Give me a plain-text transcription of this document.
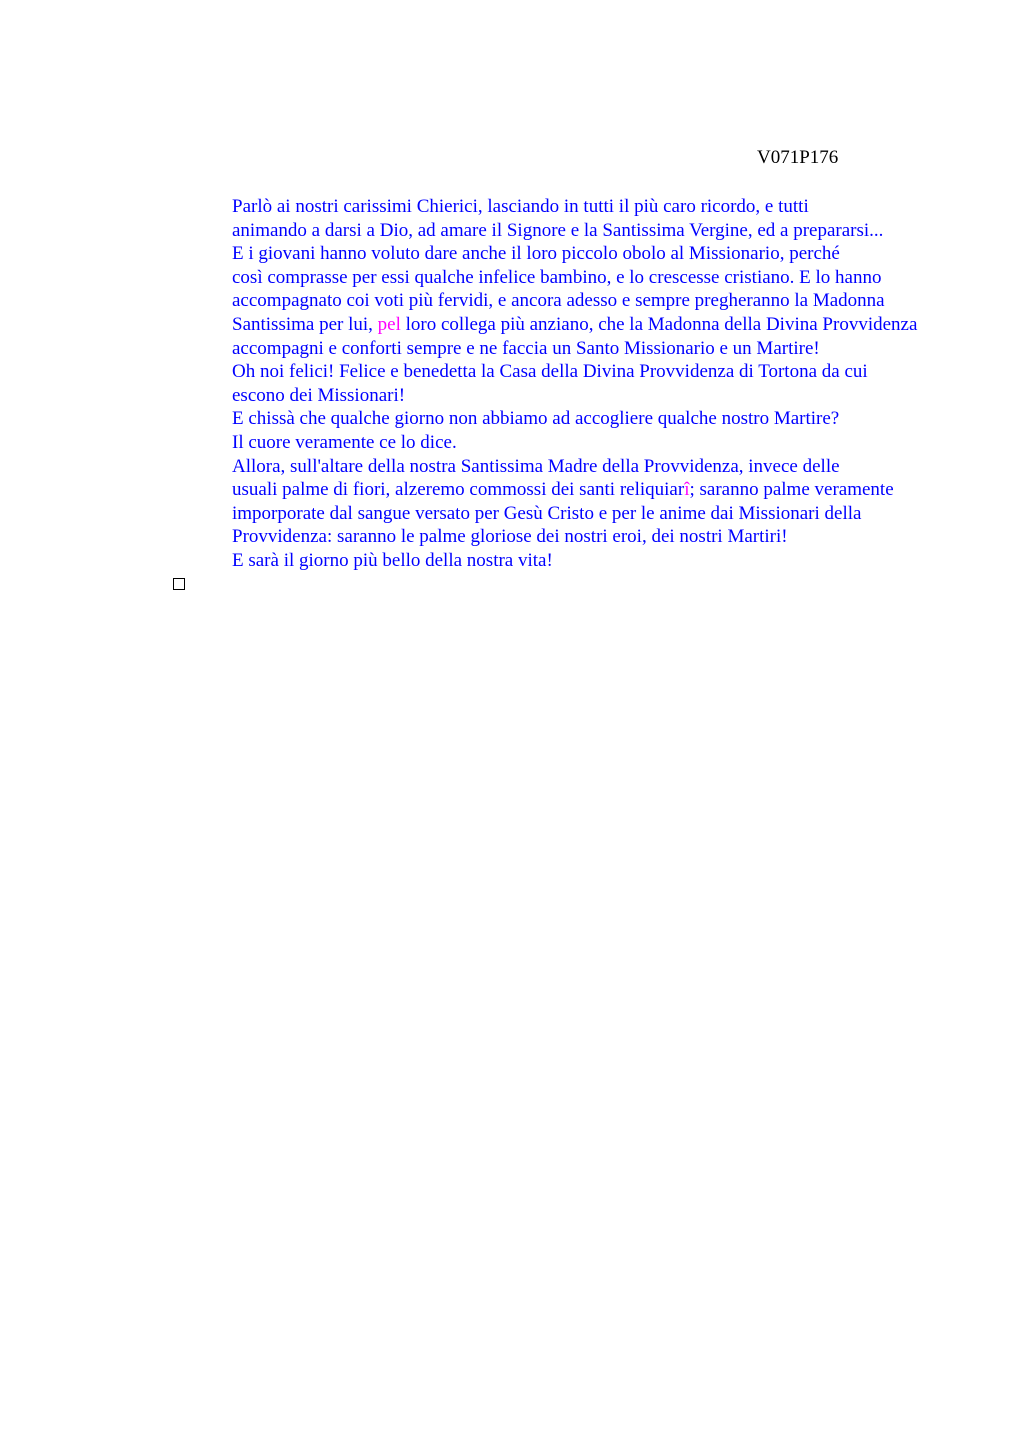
V071P176

Parlò ai nostri carissimi Chierici, lasciando in tutti il più caro ricordo, e tutti
animando a darsi a Dio, ad amare il Signore e la Santissima Vergine, ed a prepararsi...

E i giovani hanno voluto dare anche il loro piccolo obolo al Missionario, perché
così comprasse per essi qualche infelice bambino, e lo crescesse cristiano. E lo hanno
accompagnato coi voti più fervidi, e ancora adesso e sempre pregheranno la Madonna
Santissima per lui, pel loro collega più anziano, che la Madonna della Divina Provvidenza
accompagni e conforti sempre e ne faccia un Santo Missionario e un Martire!

Oh noi felici! Felice e benedetta la Casa della Divina Provvidenza di Tortona da cui
escono dei Missionari!

E chissà che qualche giorno non abbiamo ad accogliere qualche nostro Martire?

Il cuore veramente ce lo dice.

Allora, sull'altare della nostra Santissima Madre della Provvidenza, invece delle
usuali palme di fiori, alzeremo commossi dei santi reliquiarî; saranno palme veramente
imporporate dal sangue versato per Gesù Cristo e per le anime dai Missionari della
Provvidenza: saranno le palme gloriose dei nostri eroi, dei nostri Martiri!

E sarà il giorno più bello della nostra vita!
